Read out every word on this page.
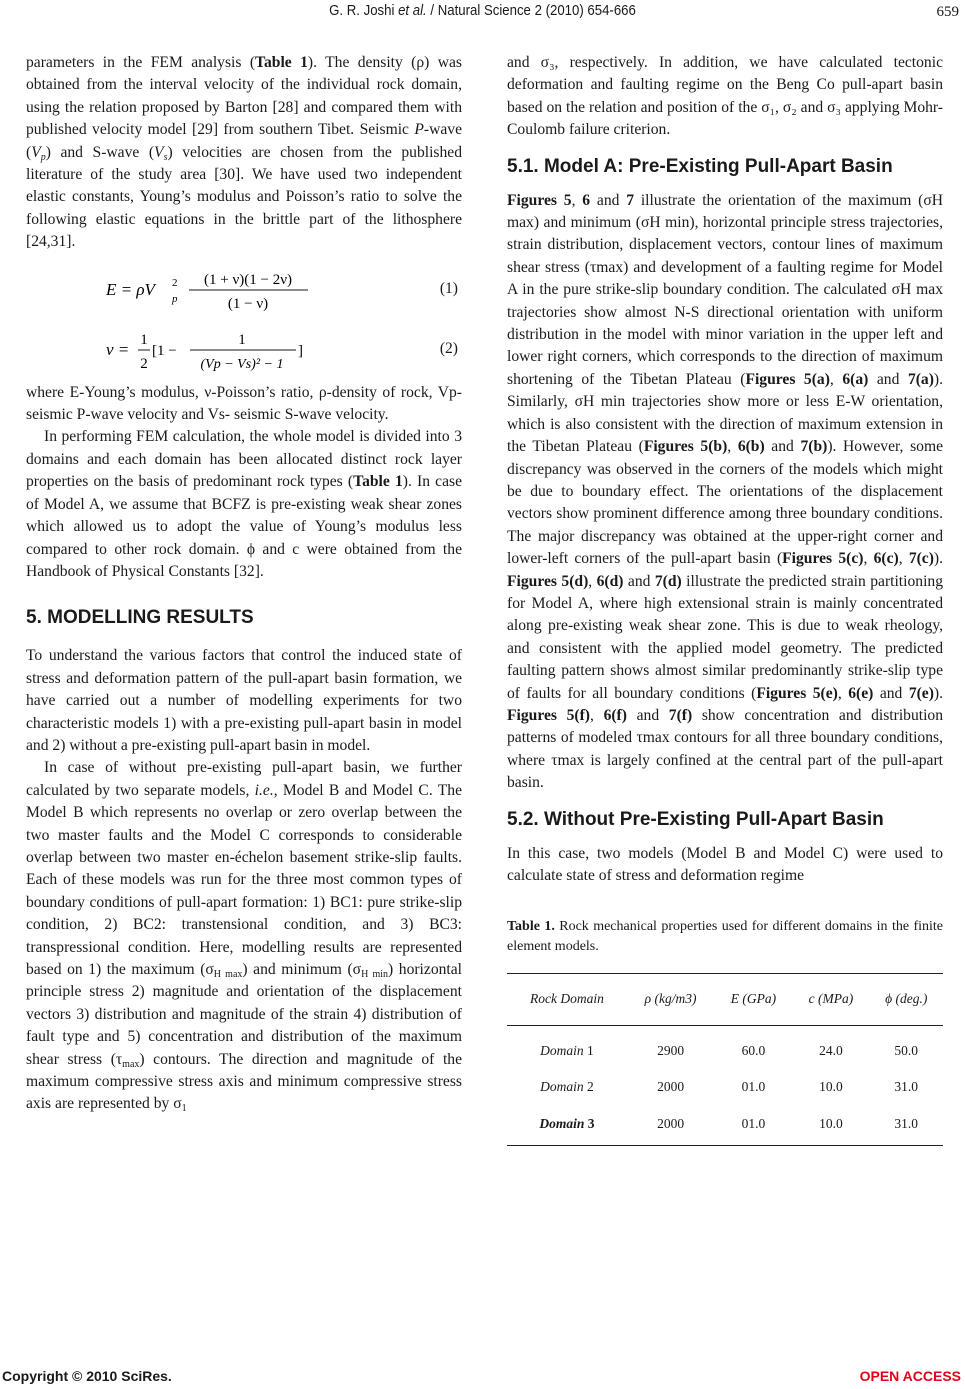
G. R. Joshi et al. / Natural Science 2 (2010) 654-666	659

parameters in the FEM analysis (Table 1). The density (ρ) was obtained from the interval velocity of the individual rock domain, using the relation proposed by Barton [28] and compared them with published velocity model [29] from southern Tibet. Seismic P-wave $(V_p)$ and S-wave $(V_s)$ velocities are chosen from the published literature of the study area [30]. We have used two independent elastic constants, Young’s modulus and Poisson’s ratio to solve the following elastic equations in the brittle part of the lithosphere [24,31].

E = ρV 2
p
(1 + ν)(1 − 2ν)
(1 − ν)
(1)
ν = 1
2
[1 −
1
(Vp − Vs)² − 1
]	(2)

where E-Young’s modulus, ν-Poisson’s ratio, ρ-density of rock, Vp- seismic P-wave velocity and Vs- seismic S-wave velocity.

In performing FEM calculation, the whole model is divided into 3 domains and each domain has been allocated distinct rock layer properties on the basis of predominant rock types (Table 1). In case of Model A, we assume that BCFZ is pre-existing weak shear zones which allowed us to adopt the value of Young’s modulus less compared to other rock domain. ϕ and c were obtained from the Handbook of Physical Constants [32].

5. MODELLING RESULTS

To understand the various factors that control the induced state of stress and deformation pattern of the pull-apart basin formation, we have carried out a number of modelling experiments for two characteristic models 1) with a pre-existing pull-apart basin in model and 2) without a pre-existing pull-apart basin in model.

In case of without pre-existing pull-apart basin, we further calculated by two separate models, i.e., Model B and Model C. The Model B which represents no overlap or zero overlap between the two master faults and the Model C corresponds to considerable overlap between two master en-échelon basement strike-slip faults. Each of these models was run for the three most common types of boundary conditions of pull-apart formation: 1) BC1: pure strike-slip condition, 2) BC2: transtensional condition, and 3) BC3: transpressional condition. Here, modelling results are represented based on 1) the maximum $(\sigma_{H max})$ and minimum $(\sigma_{H min})$ horizontal principle stress 2) magnitude and orientation of the displacement vectors 3) distribution and magnitude of the strain 4) distribution of fault type and 5) concentration and distribution of the maximum shear stress $(\tau_{max})$ contours. The direction and magnitude of the maximum compressive stress axis and minimum compressive stress axis are represented by $\sigma_1$

and σ₃, respectively. In addition, we have calculated tectonic deformation and faulting regime on the Beng Co pull-apart basin based on the relation and position of the σ₁, σ₂ and σ₃ applying Mohr-Coulomb failure criterion.

5.1. Model A: Pre-Existing Pull-Apart Basin

Figures 5, 6 and 7 illustrate the orientation of the maximum (σH max) and minimum (σH min), horizontal principle stress trajectories, strain distribution, displacement vectors, contour lines of maximum shear stress (τmax) and development of a faulting regime for Model A in the pure strike-slip boundary condition. The calculated σH max trajectories show almost N-S directional orientation with uniform distribution in the model with minor variation in the upper left and lower right corners, which corresponds to the direction of maximum shortening of the Tibetan Plateau (Figures 5(a), 6(a) and 7(a)). Similarly, σH min trajectories show more or less E-W orientation, which is also consistent with the direction of maximum extension in the Tibetan Plateau (Figures 5(b), 6(b) and 7(b)). However, some discrepancy was observed in the corners of the models which might be due to boundary effect. The orientations of the displacement vectors show prominent difference among three boundary conditions. The major discrepancy was obtained at the upper-right corner and lower-left corners of the pull-apart basin (Figures 5(c), 6(c), 7(c)). Figures 5(d), 6(d) and 7(d) illustrate the predicted strain partitioning for Model A, where high extensional strain is mainly concentrated along pre-existing weak shear zone. This is due to weak rheology, and consistent with the applied model geometry. The predicted faulting pattern shows almost similar predominantly strike-slip type of faults for all boundary conditions (Figures 5(e), 6(e) and 7(e)). Figures 5(f), 6(f) and 7(f) show concentration and distribution patterns of modeled τmax contours for all three boundary conditions, where τmax is largely confined at the central part of the pull-apart basin.

5.2. Without Pre-Existing Pull-Apart Basin

In this case, two models (Model B and Model C) were used to calculate state of stress and deformation regime

Table 1. Rock mechanical properties used for different domains in the finite element models.

Rock Domain	ρ (kg/m3)	E (GPa)	c (MPa)	ϕ (deg.)
Domain 1	2900	60.0	24.0	50.0
Domain 2	2000	01.0	10.0	31.0
Domain 3	2000	01.0	10.0	31.0
Copyright © 2010 SciRes.	OPEN ACCESS
